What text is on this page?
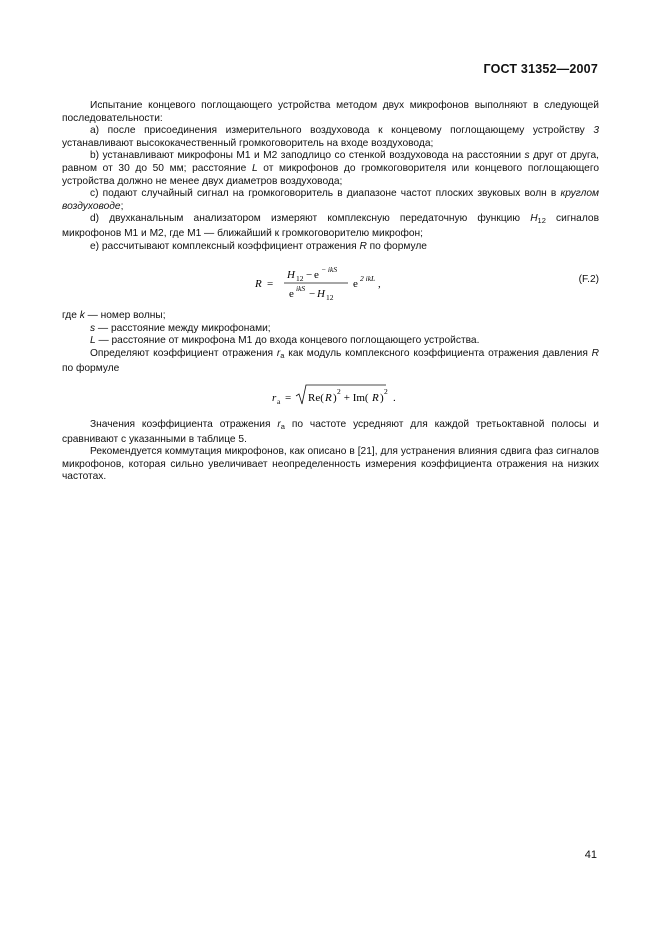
ГОСТ 31352—2007

Испытание концевого поглощающего устройства методом двух микрофонов выполняют в следующей последовательности:

а) после присоединения измерительного воздуховода к концевому поглощающему устройству 3 устанавливают высококачественный громкоговоритель на входе воздуховода;

b) устанавливают микрофоны М1 и М2 заподлицо со стенкой воздуховода на расстоянии s друг от друга, равном от 30 до 50 мм; расстояние L от микрофонов до громкоговорителя или концевого поглощающего устройства должно не менее двух диаметров воздуховода;

с) подают случайный сигнал на громкоговоритель в диапазоне частот плоских звуковых волн в круглом воздуховоде;

d) двухканальным анализатором измеряют комплексную передаточную функцию $H_{12}$ сигналов микрофонов М1 и М2, где М1 — ближайший к громкоговорителю микрофон;

е) рассчитывают комплексный коэффициент отражения R по формуле

R =
H 12 − e − ikS
e ikS − H 12
e 2 ikL ,	(F.2)

где k — номер волны;

s — расстояние между микрофонами;
L — расстояние от микрофона М1 до входа концевого поглощающего устройства.

Определяют коэффициент отражения $r_a$ как модуль комплексного коэффициента отражения давления R по формуле

r a = Re( R )
2
+ Im( R )
2
.

Значения коэффициента отражения $r_a$ по частоте усредняют для каждой третьоктавной полосы и сравнивают с указанными в таблице 5.

Рекомендуется коммутация микрофонов, как описано в [21], для устранения влияния сдвига фаз сигналов микрофонов, которая сильно увеличивает неопределенность измерения коэффициента отражения на низких частотах.

41
